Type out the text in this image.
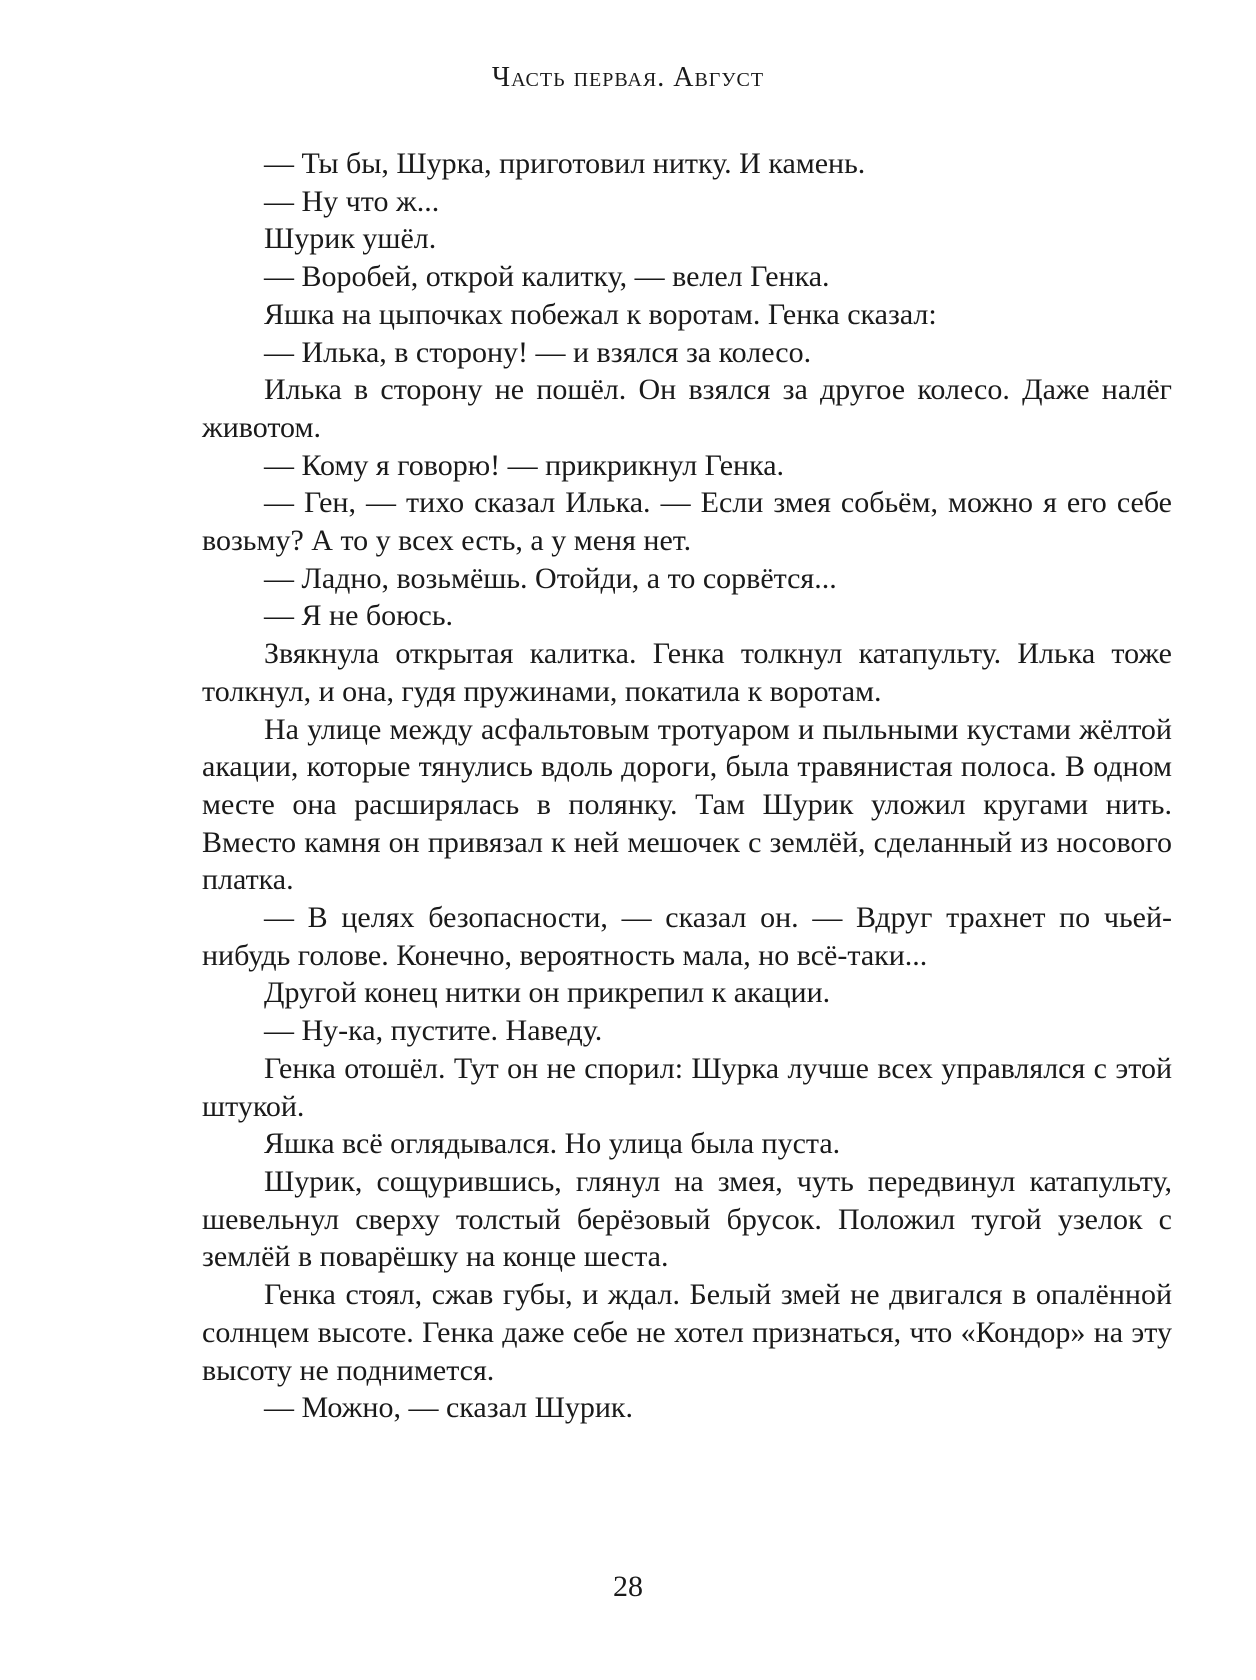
Часть первая. Август

— Ты бы, Шурка, приготовил нитку. И камень.

— Ну что ж...

Шурик ушёл.

— Воробей, открой калитку, — велел Генка.

Яшка на цыпочках побежал к воротам. Генка сказал:

— Илька, в сторону! — и взялся за колесо.

Илька в сторону не пошёл. Он взялся за другое колесо. Даже налёг животом.

— Кому я говорю! — прикрикнул Генка.

— Ген, — тихо сказал Илька. — Если змея собьём, можно я его себе возьму? А то у всех есть, а у меня нет.

— Ладно, возьмёшь. Отойди, а то сорвётся...

— Я не боюсь.

Звякнула открытая калитка. Генка толкнул катапульту. Илька тоже толкнул, и она, гудя пружинами, покатила к воротам.

На улице между асфальтовым тротуаром и пыльными кустами жёлтой акации, которые тянулись вдоль дороги, была травянистая полоса. В одном месте она расширялась в полянку. Там Шурик уложил кругами нить. Вместо камня он привязал к ней мешочек с землёй, сделанный из носового платка.

— В целях безопасности, — сказал он. — Вдруг трахнет по чьей-нибудь голове. Конечно, вероятность мала, но всё-таки...

Другой конец нитки он прикрепил к акации.

— Ну-ка, пустите. Наведу.

Генка отошёл. Тут он не спорил: Шурка лучше всех управлялся с этой штукой.

Яшка всё оглядывался. Но улица была пуста.

Шурик, сощурившись, глянул на змея, чуть передвинул катапульту, шевельнул сверху толстый берёзовый брусок. Положил тугой узелок с землёй в поварёшку на конце шеста.

Генка стоял, сжав губы, и ждал. Белый змей не двигался в опалённой солнцем высоте. Генка даже себе не хотел признаться, что «Кондор» на эту высоту не поднимется.

— Можно, — сказал Шурик.

28
